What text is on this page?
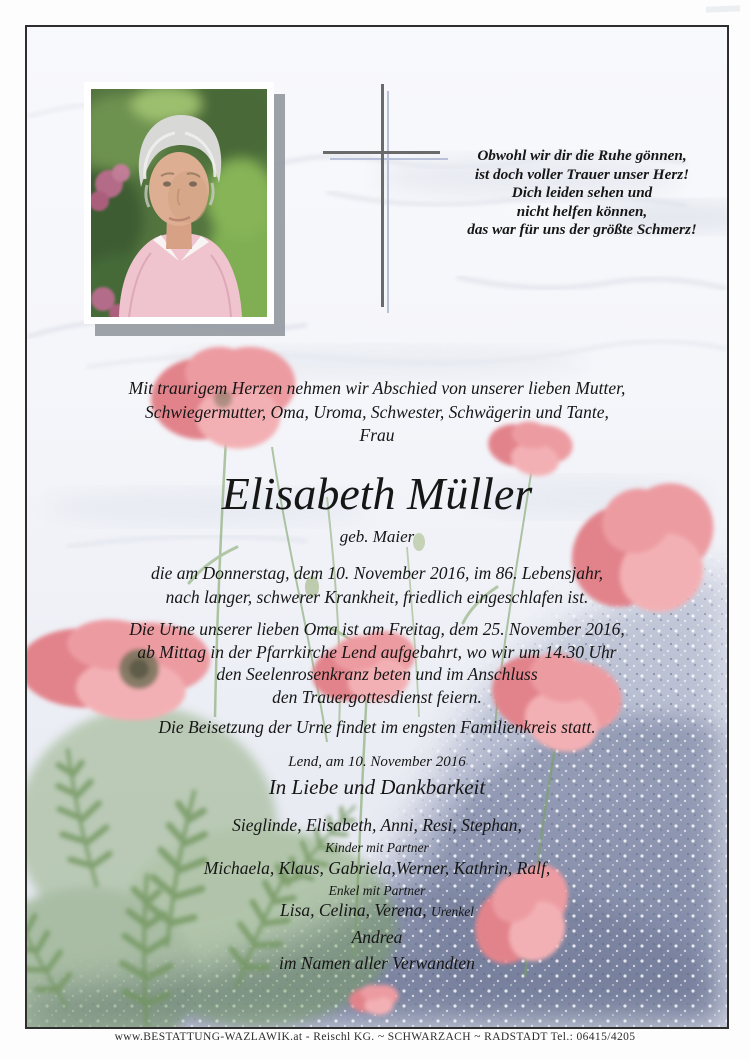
Obwohl wir dir die Ruhe gönnen,
ist doch voller Trauer unser Herz!
Dich leiden sehen und
nicht helfen können,
das war für uns der größte Schmerz!
Mit traurigem Herzen nehmen wir Abschied von unserer lieben Mutter,
Schwiegermutter, Oma, Uroma, Schwester, Schwägerin und Tante,
Frau
Elisabeth Müller
geb. Maier
die am Donnerstag, dem 10. November 2016, im 86. Lebensjahr,
nach langer, schwerer Krankheit, friedlich eingeschlafen ist.
Die Urne unserer lieben Oma ist am Freitag, dem 25. November 2016,
ab Mittag in der Pfarrkirche Lend aufgebahrt, wo wir um 14.30 Uhr
den Seelenrosenkranz beten und im Anschluss
den Trauergottesdienst feiern.
Die Beisetzung der Urne findet im engsten Familienkreis statt.
Lend, am 10. November 2016
In Liebe und Dankbarkeit
Sieglinde, Elisabeth, Anni, Resi, Stephan,
Kinder mit Partner
Michaela, Klaus, Gabriela,Werner, Kathrin, Ralf,
Enkel mit Partner
Lisa, Celina, Verena, Urenkel
Andrea
im Namen aller Verwandten
www.BESTATTUNG-WAZLAWIK.at - Reischl KG. ~ SCHWARZACH ~ RADSTADT Tel.: 06415/4205
